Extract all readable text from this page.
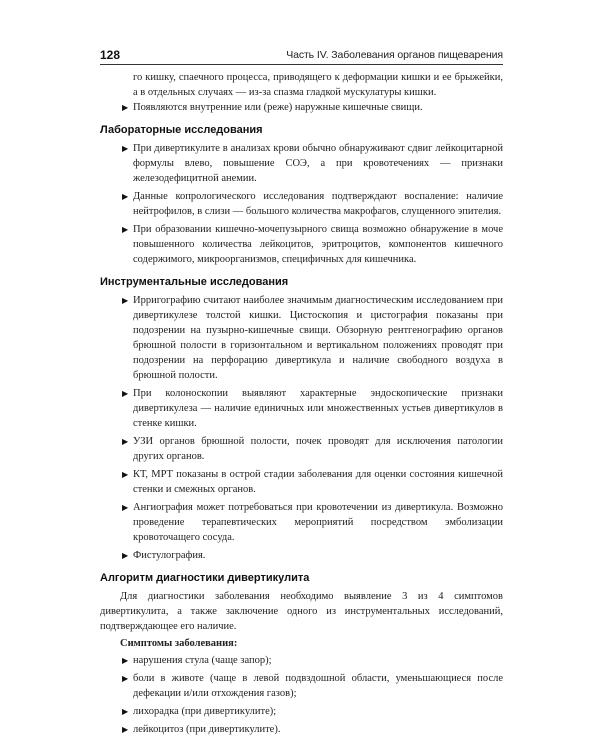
128	Часть IV. Заболевания органов пищеварения

го кишку, спаечного процесса, приводящего к деформации кишки и ее брыжейки, а в отдельных случаях — из-за спазма гладкой мускулатуры кишки.

▶ Появляются внутренние или (реже) наружные кишечные свищи.
Лабораторные исследования
▶ При дивертикулите в анализах крови обычно обнаруживают сдвиг лейкоцитарной формулы влево, повышение СОЭ, а при кровотечениях — признаки железодефицитной анемии.
▶ Данные копрологического исследования подтверждают воспаление: наличие нейтрофилов, в слизи — большого количества макрофагов, слущенного эпителия.
▶ При образовании кишечно-мочепузырного свища возможно обнаружение в моче повышенного количества лейкоцитов, эритроцитов, компонентов кишечного содержимого, микроорганизмов, специфичных для кишечника.
Инструментальные исследования
▶ Ирригографию считают наиболее значимым диагностическим исследованием при дивертикулезе толстой кишки. Цистоскопия и цистография показаны при подозрении на пузырно-кишечные свищи. Обзорную рентгенографию органов брюшной полости в горизонтальном и вертикальном положениях проводят при подозрении на перфорацию дивертикула и наличие свободного воздуха в брюшной полости.
▶ При колоноскопии выявляют характерные эндоскопические признаки дивертикулеза — наличие единичных или множественных устьев дивертикулов в стенке кишки.
▶ УЗИ органов брюшной полости, почек проводят для исключения патологии других органов.
▶ КТ, МРТ показаны в острой стадии заболевания для оценки состояния кишечной стенки и смежных органов.
▶ Ангиография может потребоваться при кровотечении из дивертикула. Возможно проведение терапевтических мероприятий посредством эмболизации кровоточащего сосуда.
▶ Фистулография.
Алгоритм диагностики дивертикулита

Для диагностики заболевания необходимо выявление 3 из 4 симптомов дивертикулита, а также заключение одного из инструментальных исследований, подтверждающее его наличие.

Симптомы заболевания:

▶ нарушения стула (чаще запор);
▶ боли в животе (чаще в левой подвздошной области, уменьшающиеся после дефекации и/или отхождения газов);
▶ лихорадка (при дивертикулите);
▶ лейкоцитоз (при дивертикулите).
